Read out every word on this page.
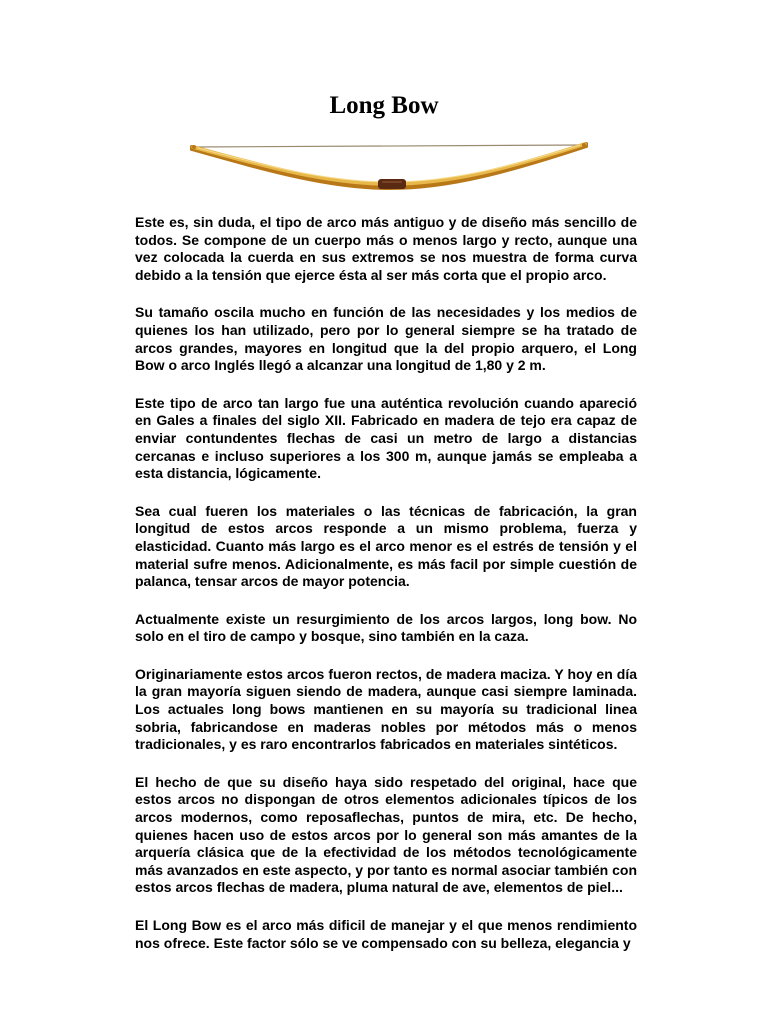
Long Bow

Este es, sin duda, el tipo de arco más antiguo y de diseño más sencillo de todos. Se compone de un cuerpo más o menos largo y recto, aunque una vez colocada la cuerda en sus extremos se nos muestra de forma curva debido a la tensión que ejerce ésta al ser más corta que el propio arco.

Su tamaño oscila mucho en función de las necesidades y los medios de quienes los han utilizado, pero por lo general siempre se ha tratado de arcos grandes, mayores en longitud que la del propio arquero, el Long Bow o arco Inglés llegó a alcanzar una longitud de 1,80 y 2 m.

Este tipo de arco tan largo fue una auténtica revolución cuando apareció en Gales a finales del siglo XII. Fabricado en madera de tejo era capaz de enviar contundentes flechas de casi un metro de largo a distancias cercanas e incluso superiores a los 300 m, aunque jamás se empleaba a esta distancia, lógicamente.

Sea cual fueren los materiales o las técnicas de fabricación, la gran longitud de estos arcos responde a un mismo problema, fuerza y elasticidad. Cuanto más largo es el arco menor es el estrés de tensión y el material sufre menos. Adicionalmente, es más facil por simple cuestión de palanca, tensar arcos de mayor potencia.

Actualmente existe un resurgimiento de los arcos largos, long bow. No solo en el tiro de campo y bosque, sino también en la caza.

Originariamente estos arcos fueron rectos, de madera maciza. Y hoy en día la gran mayoría siguen siendo de madera, aunque casi siempre laminada. Los actuales long bows mantienen en su mayoría su tradicional linea sobria, fabricandose en maderas nobles por métodos más o menos tradicionales, y es raro encontrarlos fabricados en materiales sintéticos.

El hecho de que su diseño haya sido respetado del original, hace que estos arcos no dispongan de otros elementos adicionales típicos de los arcos modernos, como reposaflechas, puntos de mira, etc. De hecho, quienes hacen uso de estos arcos por lo general son más amantes de la arquería clásica que de la efectividad de los métodos tecnológicamente más avanzados en este aspecto, y por tanto es normal asociar también con estos arcos flechas de madera, pluma natural de ave, elementos de piel...

El Long Bow es el arco más dificil de manejar y el que menos rendimiento nos ofrece. Este factor sólo se ve compensado con su belleza, elegancia y
